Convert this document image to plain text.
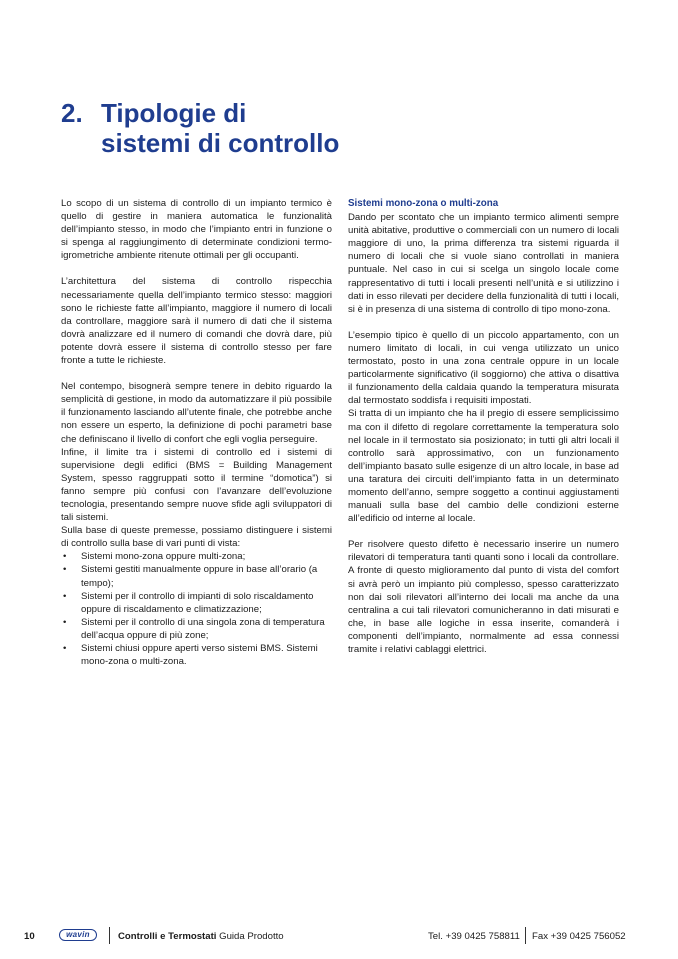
2. Tipologie di
sistemi di controllo

Lo scopo di un sistema di controllo di un impianto termico è quello di gestire in maniera automatica le funzionalità dell’impianto stesso, in modo che l’impianto entri in funzione o si spenga al raggiungimento di determinate condizioni termo-igrometriche ambiente ritenute ottimali per gli occupanti.

L’architettura del sistema di controllo rispecchia necessariamente quella dell’impianto termico stesso: maggiori sono le richieste fatte all’impianto, maggiore il numero di locali da controllare, maggiore sarà il numero di dati che il sistema dovrà analizzare ed il numero di comandi che dovrà dare, più potente dovrà essere il sistema di controllo stesso per fare fronte a tutte le richieste.

Nel contempo, bisognerà sempre tenere in debito riguardo la semplicità di gestione, in modo da automatizzare il più possibile il funzionamento lasciando all’utente finale, che potrebbe anche non essere un esperto, la definizione di pochi parametri base che definiscano il livello di confort che egli voglia perseguire.

Infine, il limite tra i sistemi di controllo ed i sistemi di supervisione degli edifici (BMS = Building Management System, spesso raggruppati sotto il termine “domotica”) si fanno sempre più confusi con l’avanzare dell’evoluzione tecnologia, presentando sempre nuove sfide agli sviluppatori di tali sistemi.

Sulla base di queste premesse, possiamo distinguere i sistemi di controllo sulla base di vari punti di vista:

• Sistemi mono-zona oppure multi-zona;
• Sistemi gestiti manualmente oppure in base all’orario (a tempo);
• Sistemi per il controllo di impianti di solo riscaldamento oppure di riscaldamento e climatizzazione;
• Sistemi per il controllo di una singola zona di temperatura dell’acqua oppure di più zone;
• Sistemi chiusi oppure aperti verso sistemi BMS. Sistemi mono-zona o multi-zona.
Sistemi mono-zona o multi-zona

Dando per scontato che un impianto termico alimenti sempre unità abitative, produttive o commerciali con un numero di locali maggiore di uno, la prima differenza tra sistemi riguarda il numero di locali che si vuole siano controllati in maniera puntuale. Nel caso in cui si scelga un singolo locale come rappresentativo di tutti i locali presenti nell’unità e si utilizzino i dati in esso rilevati per decidere della funzionalità di tutti i locali, si è in presenza di una sistema di controllo di tipo mono-zona.

L’esempio tipico è quello di un piccolo appartamento, con un numero limitato di locali, in cui venga utilizzato un unico termostato, posto in una zona centrale oppure in un locale particolarmente significativo (il soggiorno) che attiva o disattiva il funzionamento della caldaia quando la temperatura misurata dal termostato soddisfa i requisiti impostati.

Si tratta di un impianto che ha il pregio di essere semplicissimo ma con il difetto di regolare correttamente la temperatura solo nel locale in il termostato sia posizionato; in tutti gli altri locali il controllo sarà approssimativo, con un funzionamento dell’impianto basato sulle esigenze di un altro locale, in base ad una taratura dei circuiti dell’impianto fatta in un determinato momento dell’anno, sempre soggetto a continui aggiustamenti manuali sulla base del cambio delle condizioni esterne all’edificio od interne al locale.

Per risolvere questo difetto è necessario inserire un numero rilevatori di temperatura tanti quanti sono i locali da controllare. A fronte di questo miglioramento dal punto di vista del comfort si avrà però un impianto più complesso, spesso caratterizzato non dai soli rilevatori all’interno dei locali ma anche da una centralina a cui tali rilevatori comunicheranno in dati misurati e che, in base alle logiche in essa inserite, comanderà i componenti dell’impianto, normalmente ad essa connessi tramite i relativi cablaggi elettrici.

10	wavin	Controlli e Termostati Guida Prodotto	Tel. +39 0425 758811 Fax +39 0425 756052
